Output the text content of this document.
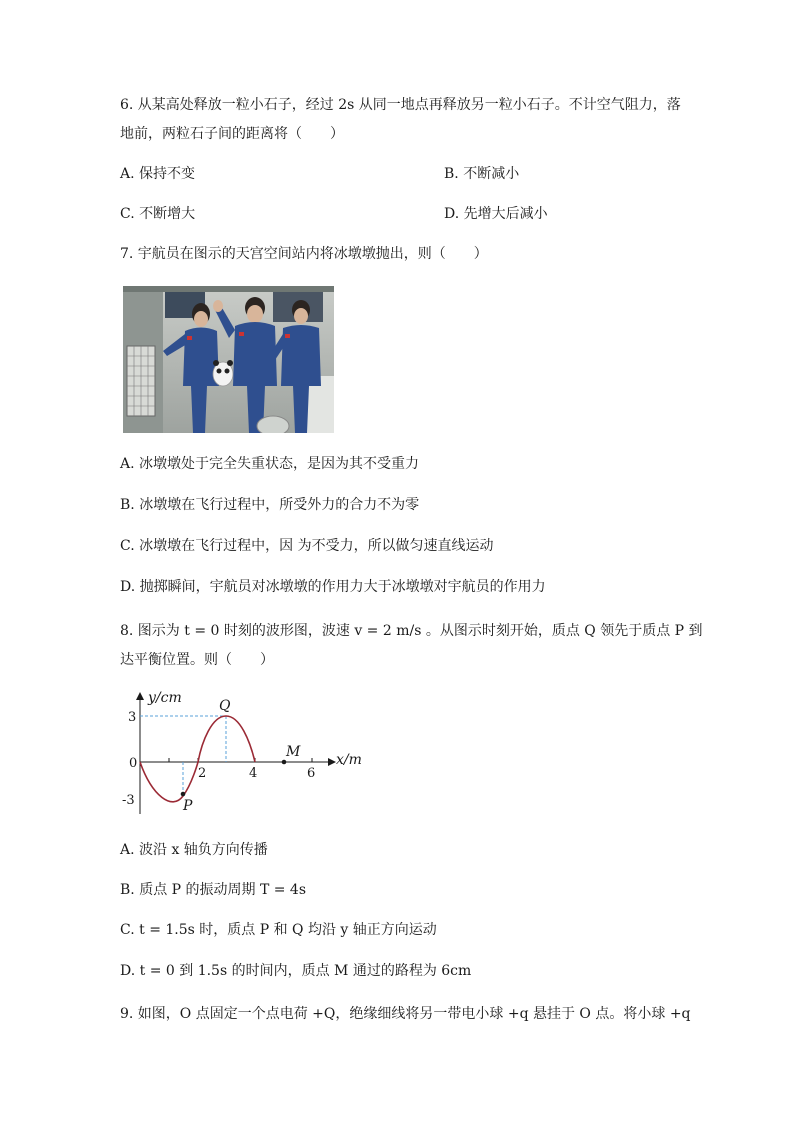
6. 从某高处释放一粒小石子，经过 2s 从同一地点再释放另一粒小石子。不计空气阻力，落
地前，两粒石子间的距离将（　　）
A. 保持不变	B. 不断减小
C. 不断增大	D. 先增大后减小
7. 宇航员在图示的天宫空间站内将冰墩墩抛出，则（　　）
A. 冰墩墩处于完全失重状态，是因为其不受重力
B. 冰墩墩在飞行过程中，所受外力的合力不为零
C. 冰墩墩在飞行过程中，因 为不受力，所以做匀速直线运动
D. 抛掷瞬间，宇航员对冰墩墩的作用力大于冰墩墩对宇航员的作用力
8. 图示为 t = 0 时刻的波形图，波速 v = 2 m/s 。从图示时刻开始，质点 Q 领先于质点 P 到
达平衡位置。则（　　）
y/cm
x/m
3
0
-3
2	4	6
Q
P
M
A. 波沿 x 轴负方向传播
B. 质点 P 的振动周期 T = 4s
C. t = 1.5s 时，质点 P 和 Q 均沿 y 轴正方向运动
D. t = 0 到 1.5s 的时间内，质点 M 通过的路程为 6cm
9. 如图，O 点固定一个点电荷 +Q，绝缘细线将另一带电小球 +q 悬挂于 O 点。将小球 +q
